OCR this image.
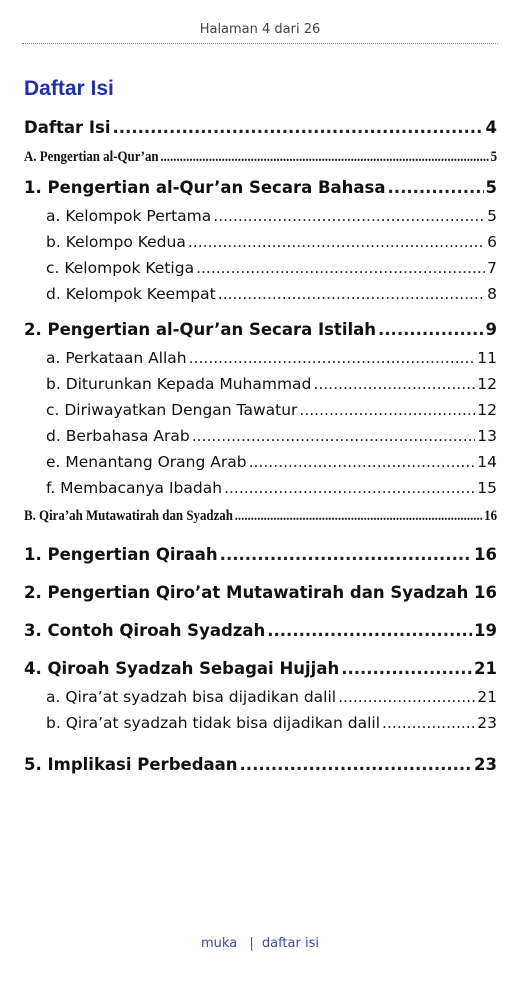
Halaman 4 dari 26
Daftar Isi
Daftar Isi .....	4
A. Pengertian al-Qur’an .....	5
1. Pengertian al-Qur’an Secara Bahasa .....	5
a. Kelompok Pertama .....	5
b. Kelompo Kedua .....	6
c. Kelompok Ketiga .....	7
d. Kelompok Keempat .....	8
2. Pengertian al-Qur’an Secara Istilah .....	9
a. Perkataan Allah .....	11
b. Diturunkan Kepada Muhammad .....	12
c. Diriwayatkan Dengan Tawatur .....	12
d. Berbahasa Arab .....	13
e. Menantang Orang Arab .....	14
f. Membacanya Ibadah .....	15
B. Qira’ah Mutawatirah dan Syadzah .....	16
1. Pengertian Qiraah .....	16
2. Pengertian Qiro’at Mutawatirah dan Syadzah ..... 16
3. Contoh Qiroah Syadzah .....	19
4. Qiroah Syadzah Sebagai Hujjah .....	21
a. Qira’at syadzah bisa dijadikan dalil .....	21
b. Qira’at syadzah tidak bisa dijadikan dalil .....	23
5. Implikasi Perbedaan .....	23
muka | daftar isi
